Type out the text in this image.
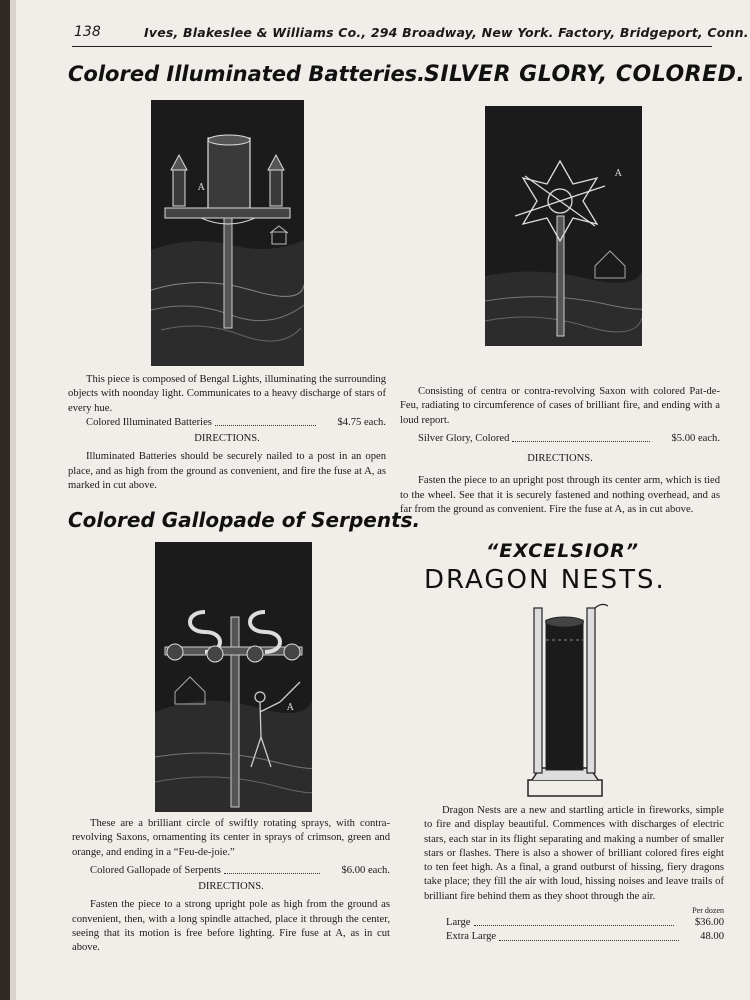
138	Ives, Blakeslee & Williams Co., 294 Broadway, New York. Factory, Bridgeport, Conn.
Colored Illuminated Batteries.
SILVER GLORY, COLORED.
Colored Gallopade of Serpents.
“EXCELSIOR”
DRAGON NESTS.
A
A
A

This piece is composed of Bengal Lights, illuminating the surrounding objects with noonday light. Communicates to a heavy discharge of stars of every hue.

Colored Illuminated Batteries	$4.75 each.

DIRECTIONS.

Illuminated Batteries should be securely nailed to a post in an open place, and as high from the ground as convenient, and fire the fuse at A, as marked in cut above.

Consisting of centra or contra-revolving Saxon with colored Pat-de-Feu, radiating to circumference of cases of brilliant fire, and ending with a loud report.

Silver Glory, Colored	$5.00 each.

DIRECTIONS.

Fasten the piece to an upright post through its center arm, which is tied to the wheel. See that it is securely fastened and nothing overhead, and as far from the ground as convenient. Fire the fuse at A, as in cut above.

These are a brilliant circle of swiftly rotating sprays, with contra-revolving Saxons, ornamenting its center in sprays of crimson, green and orange, and ending in a “Feu-de-joie.”

Colored Gallopade of Serpents	$6.00 each.

DIRECTIONS.

Fasten the piece to a strong upright pole as high from the ground as convenient, then, with a long spindle attached, place it through the center, seeing that its motion is free before lighting. Fire fuse at A, as in cut above.

Dragon Nests are a new and startling article in fireworks, simple to fire and display beautiful. Commences with discharges of electric stars, each star in its flight separating and making a number of smaller stars or flashes. There is also a shower of brilliant colored fires eight to ten feet high. As a final, a grand outburst of hissing, fiery dragons take place; they fill the air with loud, hissing noises and leave trails of brilliant fire behind them as they shoot through the air.

Per dozen

Large	$36.00

Extra Large	48.00
